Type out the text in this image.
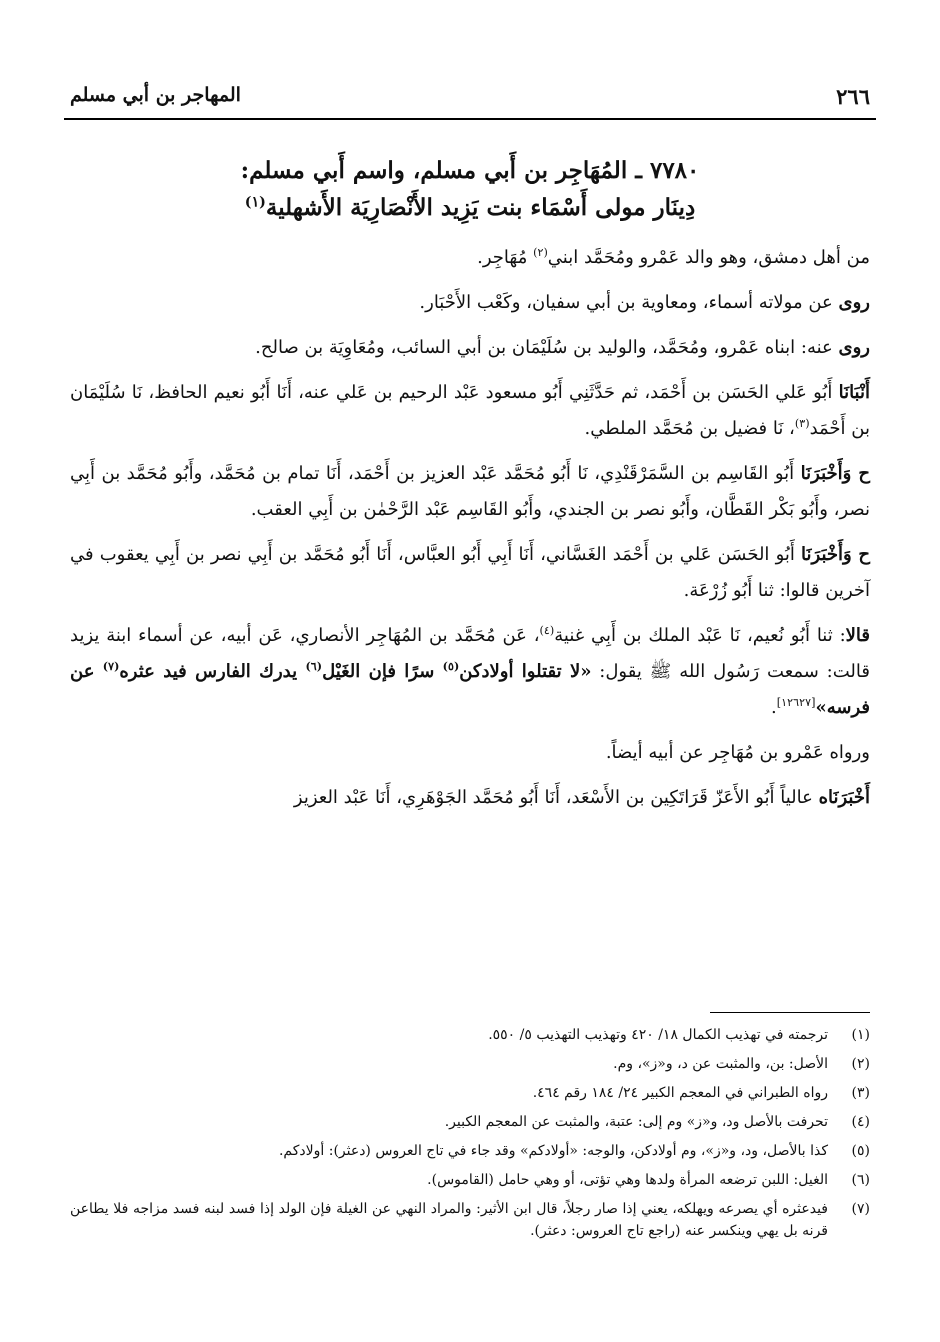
٢٦٦
المهاجر بن أبي مسلم
٧٧٨٠ ـ المُهَاجِر بن أَبي مسلم، واسم أَبي مسلم:
دِينَار مولى أَسْمَاء بنت يَزِيد الأَنْصَارِيَة الأَشهلية$^{(١)}$

من أهل دمشق، وهو والد عَمْرو ومُحَمَّد ابني$^{(٢)}$ مُهَاجِر.

روى عن مولاته أسماء، ومعاوية بن أبي سفيان، وكَعْب الأَحْبَار.

روى عنه: ابناه عَمْرو، ومُحَمَّد، والوليد بن سُلَيْمَان بن أبي السائب، ومُعَاوِيَة بن صالح.

أَنْبَانَا أَبُو عَلي الحَسَن بن أَحْمَد، ثم حَدَّثَنِي أَبُو مسعود عَبْد الرحيم بن عَلي عنه، أَنَا أَبُو نعيم الحافظ، نَا سُلَيْمَان بن أَحْمَد$^{(٣)}$، نَا فضيل بن مُحَمَّد الملطي.

ح وَأَخْبَرَنَا أَبُو القَاسِم بن السَّمَرْقَنْدِي، نَا أَبُو مُحَمَّد عَبْد العزيز بن أَحْمَد، أَنَا تمام بن مُحَمَّد، وأَبُو مُحَمَّد بن أَبِي نصر، وأَبُو بَكْر القَطَّان، وأَبُو نصر بن الجندي، وأَبُو القَاسِم عَبْد الرَّحْمٰن بن أَبِي العقب.

ح وَأَخْبَرَنَا أَبُو الحَسَن عَلي بن أَحْمَد الغَسَّاني، أَنَا أَبِي أَبُو العبَّاس، أَنَا أَبُو مُحَمَّد بن أَبِي نصر بن أَبِي يعقوب في آخرين قالوا: ثنا أَبُو زُرْعَة.

قالا: ثنا أَبُو نُعيم، نَا عَبْد الملك بن أَبِي غنية$^{(٤)}$، عَن مُحَمَّد بن المُهَاجِر الأنصاري، عَن أبيه، عن أسماء ابنة يزيد قالت: سمعت رَسُول الله ﷺ يقول: «لا تقتلوا أولادكن$^{(٥)}$ سرًا فإن الغَيْل$^{(٦)}$ يدرك الفارس فيد عثره$^{(٧)}$ عن فرسه»[١٢٦٢٧].

ورواه عَمْرو بن مُهَاجِر عن أبيه أيضاً.

أَخْبَرَنَاه عالياً أَبُو الأَعَزّ قَرَاتَكِين بن الأَسْعَد، أَنَا أَبُو مُحَمَّد الجَوْهَرِي، أَنَا عَبْد العزيز

(١)
ترجمته في تهذيب الكمال ١٨/ ٤٢٠ وتهذيب التهذيب ٥/ ٥٥٠.
(٢)
الأصل: بن، والمثبت عن د، و«ز»، وم.
(٣)
رواه الطبراني في المعجم الكبير ٢٤/ ١٨٤ رقم ٤٦٤.
(٤)
تحرفت بالأصل ود، و«ز» وم إلى: عتبة، والمثبت عن المعجم الكبير.
(٥)
كذا بالأصل، ود، و«ز»، وم أولادكن، والوجه: «أولادكم» وقد جاء في تاج العروس (دعثر): أولادكم.
(٦)
الغيل: اللبن ترضعه المرأة ولدها وهي تؤتى، أو وهي حامل (القاموس).
(٧)
فيدعثره أي يصرعه ويهلكه، يعني إذا صار رجلاً، قال ابن الأثير: والمراد النهي عن الغيلة فإن الولد إذا فسد لبنه فسد مزاجه فلا يطاعن قرنه بل يهي وينكسر عنه (راجع تاج العروس: دعثر).
